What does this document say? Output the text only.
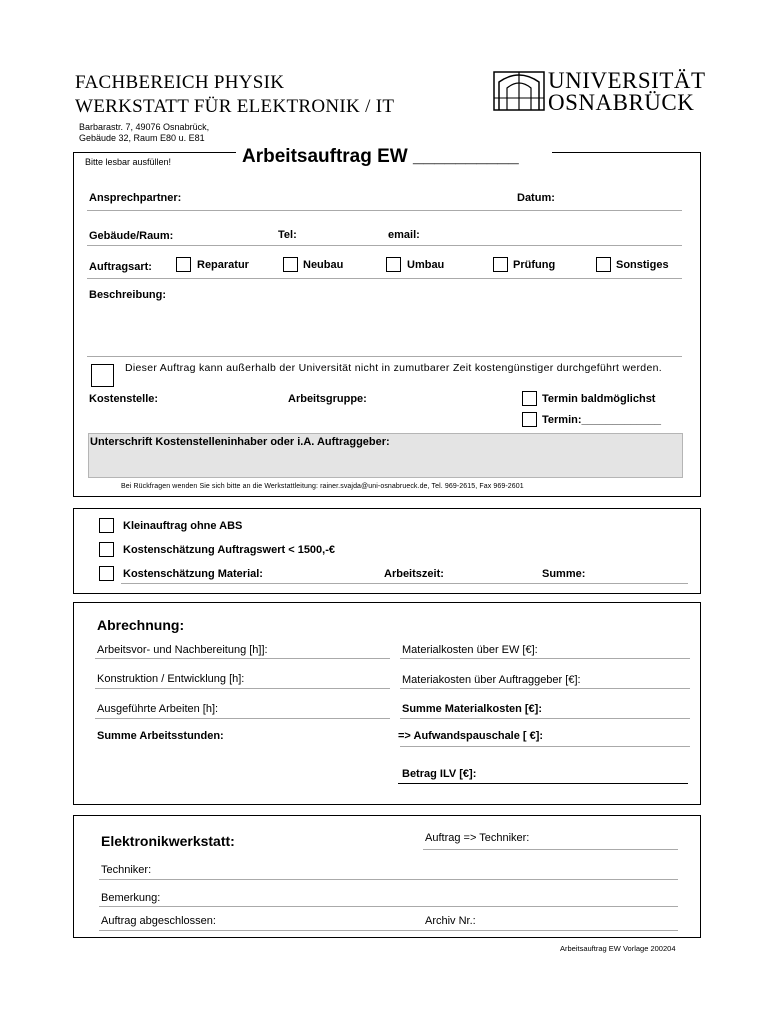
FACHBEREICH PHYSIK
WERKSTATT FÜR ELEKTRONIK / IT
Barbarastr. 7, 49076 Osnabrück,
Gebäude 32, Raum E80 u. E81
UNIVERSITÄT
OSNABRÜCK
Bitte lesbar ausfüllen!	Arbeitsauftrag EW __________
Ansprechpartner:	Datum:
Gebäude/Raum:	Tel:	email:
Auftragsart:	Reparatur	Neubau	Umbau	Prüfung	Sonstiges
Beschreibung:
Dieser Auftrag kann außerhalb der Universität nicht in zumutbarer Zeit kostengünstiger durchgeführt werden.
Kostenstelle:	Arbeitsgruppe:	Termin baldmöglichst
Termin:_____________
Unterschrift Kostenstelleninhaber oder i.A. Auftraggeber:
Bei Rückfragen wenden Sie sich bitte an die Werkstattleitung: rainer.svajda@uni-osnabrueck.de, Tel. 969-2615, Fax 969-2601
Kleinauftrag ohne ABS
Kostenschätzung Auftragswert < 1500,-€
Kostenschätzung Material:	Arbeitszeit:	Summe:
Abrechnung:
Arbeitsvor- und Nachbereitung [h]]:	Materialkosten über EW [€]:
Konstruktion / Entwicklung [h]:	Materiakosten über Auftraggeber [€]:
Ausgeführte Arbeiten [h]:	Summe Materialkosten [€]:
Summe Arbeitsstunden:	=> Aufwandspauschale [ €]:
Betrag ILV [€]:
Elektronikwerkstatt:	Auftrag => Techniker:
Techniker:
Bemerkung:
Auftrag abgeschlossen:	Archiv Nr.:
Arbeitsauftrag EW Vorlage 200204
